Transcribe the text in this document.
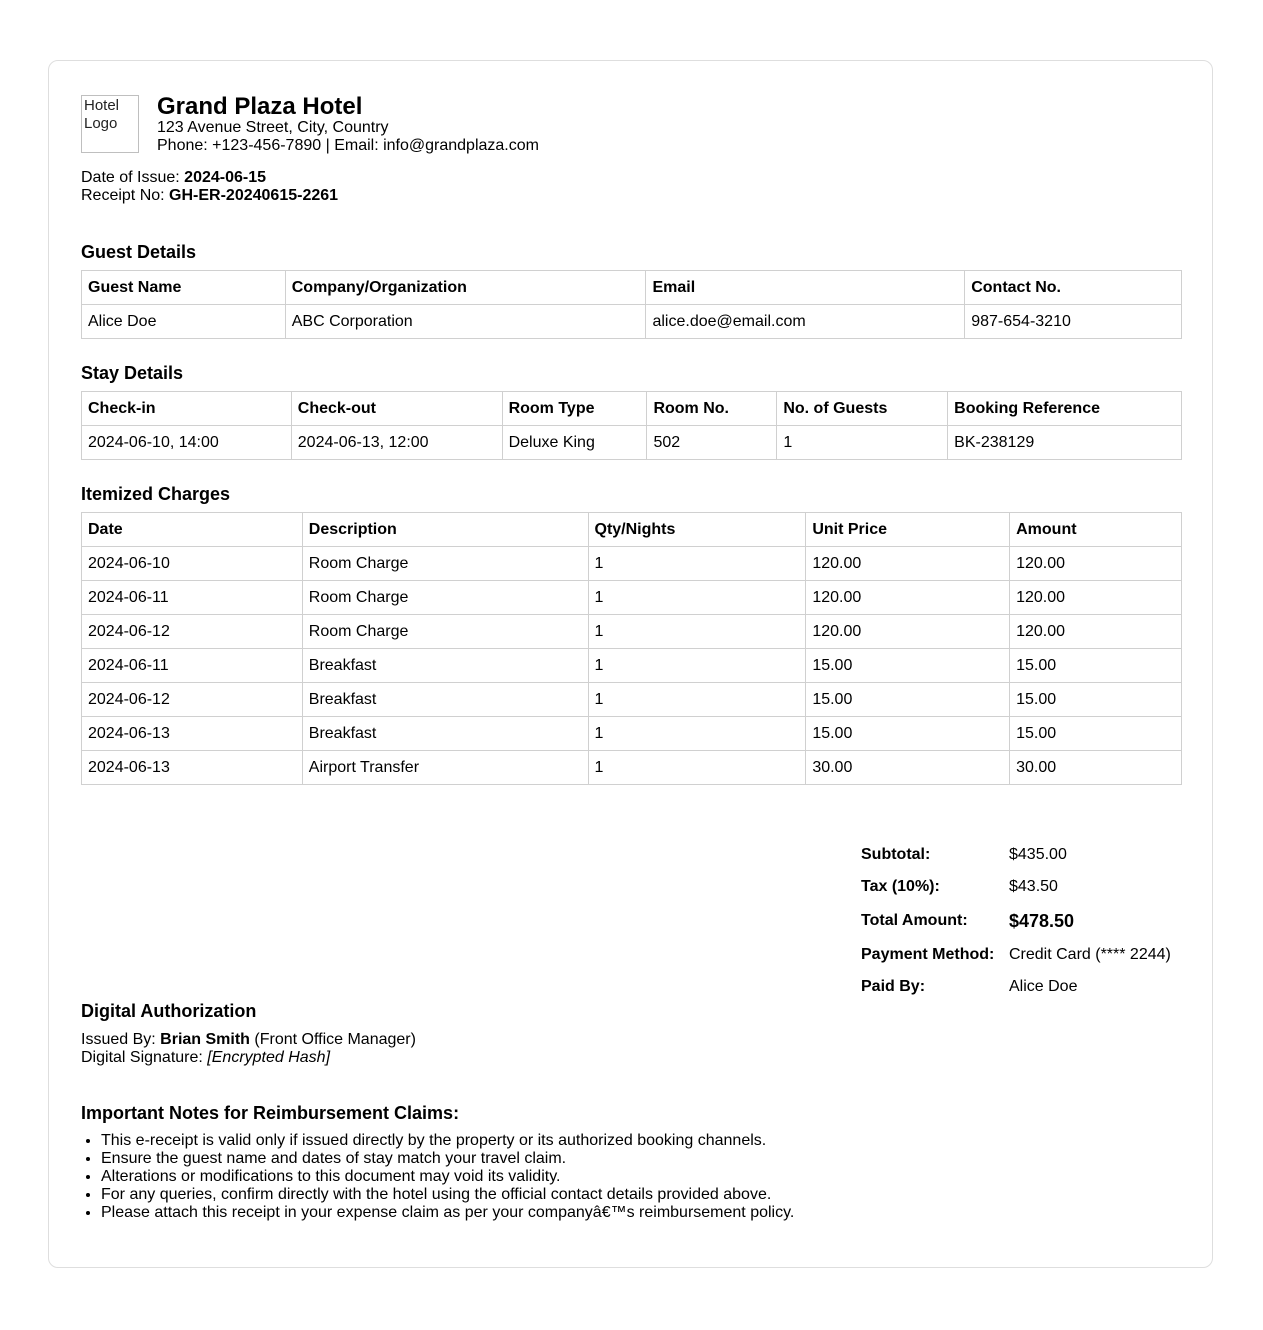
Hotel Logo
Grand Plaza Hotel
123 Avenue Street, City, Country
Phone: +123-456-7890 | Email: info@grandplaza.com
Date of Issue: 2024-06-15
Receipt No: GH-ER-20240615-2261
Guest Details
Guest Name	Company/Organization	Email	Contact No.
Alice Doe	ABC Corporation	alice.doe@email.com	987-654-3210
Stay Details
Check-in	Check-out	Room Type	Room No.	No. of Guests	Booking Reference
2024-06-10, 14:00	2024-06-13, 12:00	Deluxe King	502	1	BK-238129
Itemized Charges
Date	Description	Qty/Nights	Unit Price	Amount
2024-06-10	Room Charge	1	120.00	120.00
2024-06-11	Room Charge	1	120.00	120.00
2024-06-12	Room Charge	1	120.00	120.00
2024-06-11	Breakfast	1	15.00	15.00
2024-06-12	Breakfast	1	15.00	15.00
2024-06-13	Breakfast	1	15.00	15.00
2024-06-13	Airport Transfer	1	30.00	30.00
Subtotal:	$435.00
Tax (10%):	$43.50
Total Amount:	$478.50
Payment Method: Credit Card (**** 2244)
Paid By:	Alice Doe
Digital Authorization
Issued By: Brian Smith (Front Office Manager)
Digital Signature: [Encrypted Hash]
Important Notes for Reimbursement Claims:
• This e-receipt is valid only if issued directly by the property or its authorized booking channels.
• Ensure the guest name and dates of stay match your travel claim.
• Alterations or modifications to this document may void its validity.
• For any queries, confirm directly with the hotel using the official contact details provided above.
• Please attach this receipt in your expense claim as per your companyâ€™s reimbursement policy.
